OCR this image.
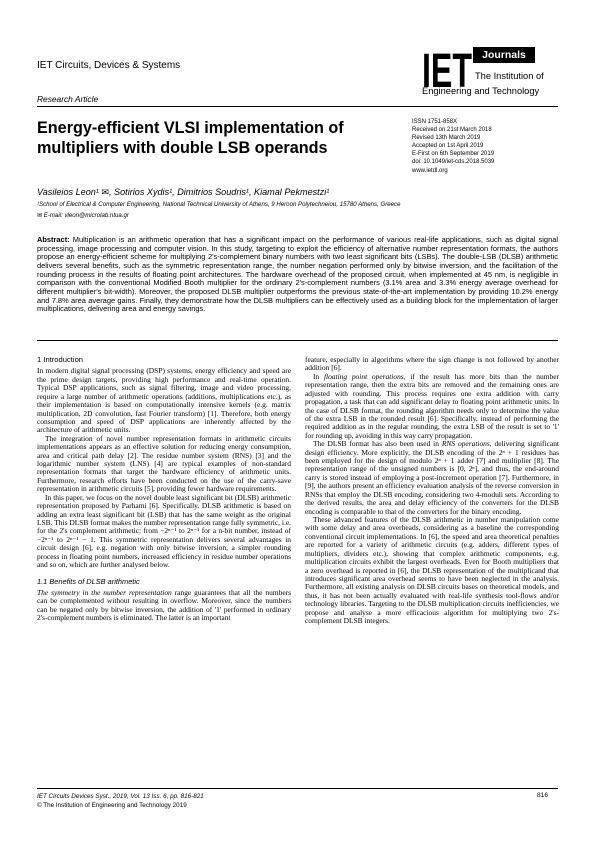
IET Circuits, Devices & Systems
Research Article
IET Journals
The Institution of
Engineering and Technology
Energy-efficient VLSI implementation of multipliers with double LSB operands
ISSN 1751-858X
Received on 21st March 2018
Revised 13th March 2019
Accepted on 1st April 2019
E-First on 6th September 2019
doi: 10.1049/iet-cds.2018.5039
www.ietdl.org
Vasileios Leon¹ ✉, Sotirios Xydis¹, Dimitrios Soudris¹, Kiamal Pekmestzi¹
¹School of Electrical & Computer Engineering, National Technical University of Athens, 9 Heroon Polytechneiou, 15780 Athens, Greece
✉ E-mail: vleon@microlab.ntua.gr
Abstract: Multiplication is an arithmetic operation that has a significant impact on the performance of various real-life applications, such as digital signal processing, image processing and computer vision. In this study, targeting to exploit the efficiency of alternative number representation formats, the authors propose an energy-efficient scheme for multiplying 2's-complement binary numbers with two least significant bits (LSBs). The double-LSB (DLSB) arithmetic delivers several benefits, such as the symmetric representation range, the number negation performed only by bitwise inversion, and the facilitation of the rounding process in the results of floating point architectures. The hardware overhead of the proposed circuit, when implemented at 45 nm, is negligible in comparison with the conventional Modified Booth multiplier for the ordinary 2's-complement numbers (3.1% area and 3.3% energy average overhead for different multiplier's bit-width). Moreover, the proposed DLSB multiplier outperforms the previous state-of-the-art implementation by providing 10.2% energy and 7.8% area average gains. Finally, they demonstrate how the DLSB multipliers can be effectively used as a building block for the implementation of larger multiplications, delivering area and energy savings.
1 Introduction

In modern digital signal processing (DSP) systems, energy efficiency and speed are the prime design targets, providing high performance and real-time operation. Typical DSP applications, such as signal filtering, image and video processing, require a large number of arithmetic operations (additions, multiplications etc.), as their implementation is based on computationally intensive kernels (e.g. matrix multiplication, 2D convolution, fast Fourier transform) [1]. Therefore, both energy consumption and speed of DSP applications are inherently affected by the architecture of arithmetic units.

The integration of novel number representation formats in arithmetic circuits implementations appears as an effective solution for reducing energy consumption, area and critical path delay [2]. The residue number system (RNS) [3] and the logarithmic number system (LNS) [4] are typical examples of non-standard representation formats that target the hardware efficiency of arithmetic units. Furthermore, research efforts have been conducted on the use of the carry-save representation in arithmetic circuits [5], providing fewer hardware requirements.

In this paper, we focus on the novel double least significant bit (DLSB) arithmetic representation proposed by Parhami [6]. Specifically, DLSB arithmetic is based on adding an extra least significant bit (LSB) that has the same weight as the original LSB. This DLSB format makes the number representation range fully symmetric, i.e. for the 2's complement arithmetic: from −2ⁿ⁻¹ to 2ⁿ⁻¹ for a n-bit number, instead of −2ⁿ⁻¹ to 2ⁿ⁻¹ − 1. This symmetric representation delivers several advantages in circuit design [6], e.g. negation with only bitwise inversion, a simpler rounding process in floating point numbers, increased efficiency in residue number operations and so on, which are further analysed below.

1.1 Benefits of DLSB arithmetic

The symmetry in the number representation range guarantees that all the numbers can be complemented without resulting in overflow. Moreover, since the numbers can be negated only by bitwise inversion, the addition of '1' performed in ordinary 2's-complement numbers is eliminated. The latter is an important

feature, especially in algorithms where the sign change is not followed by another addition [6].

In floating point operations, if the result has more bits than the number representation range, then the extra bits are removed and the remaining ones are adjusted with rounding. This process requires one extra addition with carry propagation, a task that can add significant delay to floating point arithmetic units. In the case of DLSB format, the rounding algorithm needs only to determine the value of the extra LSB in the rounded result [6]. Specifically, instead of performing the required addition as in the regular rounding, the extra LSB of the result is set to '1' for rounding up, avoiding in this way carry propagation.

The DLSB format has also been used in RNS operations, delivering significant design efficiency. More explicitly, the DLSB encoding of the 2ⁿ + 1 residues has been employed for the design of modulo 2ⁿ + 1 adder [7] and multiplier [8]. The representation range of the unsigned numbers is [0, 2ⁿ], and thus, the end-around carry is stored instead of employing a post-increment operation [7]. Furthermore, in [9], the authors present an efficiency evaluation analysis of the reverse conversion in RNSs that employ the DLSB encoding, considering two 4-moduli sets. According to the derived results, the area and delay efficiency of the converters for the DLSB encoding is comparable to that of the converters for the binary encoding.

These advanced features of the DLSB arithmetic in number manipulation come with some delay and area overheads, considering as a baseline the corresponding conventional circuit implementations. In [6], the speed and area theoretical penalties are reported for a variety of arithmetic circuits (e.g. adders, different types of multipliers, dividers etc.), showing that complex arithmetic components, e.g. multiplication circuits exhibit the largest overheads. Even for Booth multipliers that a zero overhead is reported in [6], the DLSB representation of the multiplicand that introduces significant area overhead seems to have been neglected in the analysis. Furthermore, all existing analysis on DLSB circuits bases on theoretical models, and thus, it has not been actually evaluated with real-life synthesis tool-flows and/or technology libraries. Targeting to the DLSB multiplication circuits inefficiencies, we propose and analyse a more efficacious algorithm for multiplying two 2's-complement DLSB integers.

IET Circuits Devices Syst., 2019, Vol. 13 Iss. 6, pp. 816-821
© The Institution of Engineering and Technology 2019
816
